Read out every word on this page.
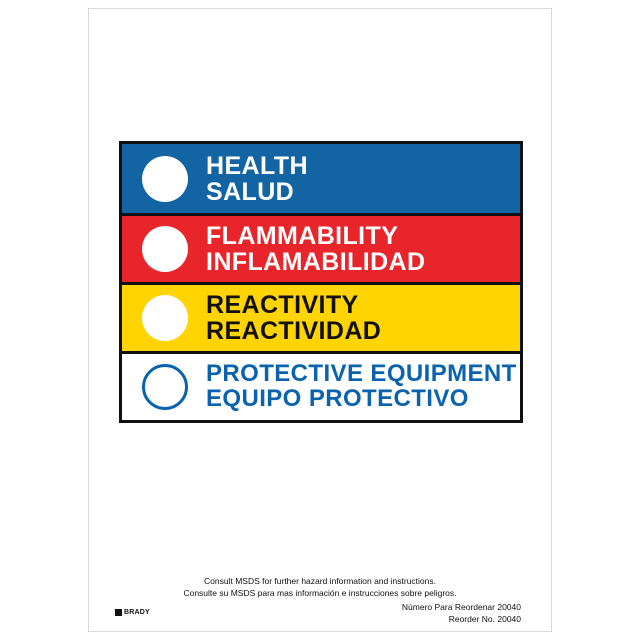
HEALTH
SALUD
FLAMMABILITY
INFLAMABILIDAD
REACTIVITY
REACTIVIDAD
PROTECTIVE EQUIPMENT
EQUIPO PROTECTIVO
Consult MSDS for further hazard information and instructions.
Consulte su MSDS para mas información e instrucciones sobre peligros.
Número Para Reordenar 20040
Reorder No. 20040
BRADY
